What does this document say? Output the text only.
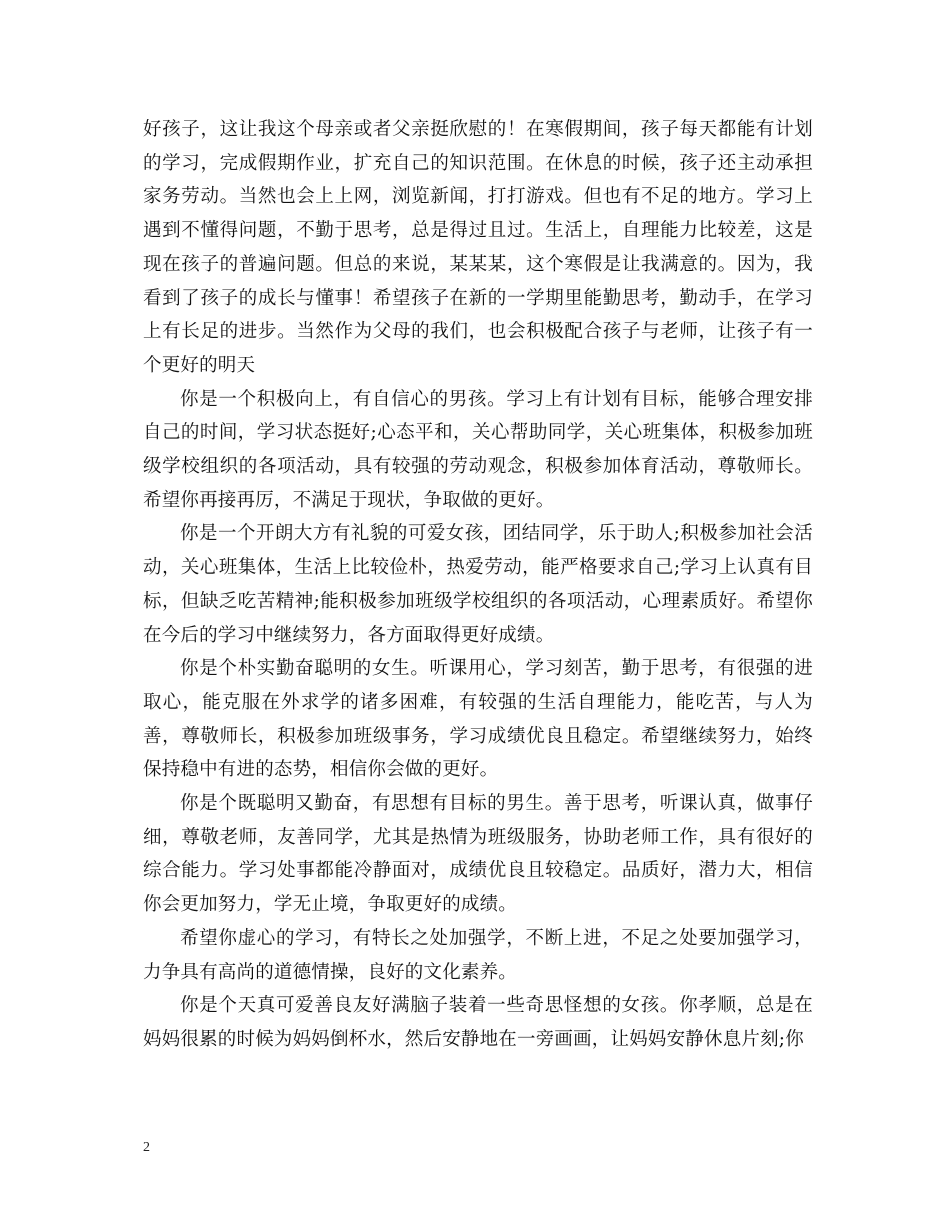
好孩子，这让我这个母亲或者父亲挺欣慰的！在寒假期间，孩子每天都能有计划的学习，完成假期作业，扩充自己的知识范围。在休息的时候，孩子还主动承担家务劳动。当然也会上上网，浏览新闻，打打游戏。但也有不足的地方。学习上遇到不懂得问题，不勤于思考，总是得过且过。生活上，自理能力比较差，这是现在孩子的普遍问题。但总的来说，某某某，这个寒假是让我满意的。因为，我看到了孩子的成长与懂事！希望孩子在新的一学期里能勤思考，勤动手，在学习上有长足的进步。当然作为父母的我们，也会积极配合孩子与老师，让孩子有一个更好的明天

你是一个积极向上，有自信心的男孩。学习上有计划有目标，能够合理安排自己的时间，学习状态挺好;心态平和，关心帮助同学，关心班集体，积极参加班级学校组织的各项活动，具有较强的劳动观念，积极参加体育活动，尊敬师长。希望你再接再厉，不满足于现状，争取做的更好。

你是一个开朗大方有礼貌的可爱女孩，团结同学，乐于助人;积极参加社会活动，关心班集体，生活上比较俭朴，热爱劳动，能严格要求自己;学习上认真有目标，但缺乏吃苦精神;能积极参加班级学校组织的各项活动，心理素质好。希望你在今后的学习中继续努力，各方面取得更好成绩。

你是个朴实勤奋聪明的女生。听课用心，学习刻苦，勤于思考，有很强的进取心，能克服在外求学的诸多困难，有较强的生活自理能力，能吃苦，与人为善，尊敬师长，积极参加班级事务，学习成绩优良且稳定。希望继续努力，始终保持稳中有进的态势，相信你会做的更好。

你是个既聪明又勤奋，有思想有目标的男生。善于思考，听课认真，做事仔细，尊敬老师，友善同学，尤其是热情为班级服务，协助老师工作，具有很好的综合能力。学习处事都能冷静面对，成绩优良且较稳定。品质好，潜力大，相信你会更加努力，学无止境，争取更好的成绩。

希望你虚心的学习，有特长之处加强学，不断上进，不足之处要加强学习，力争具有高尚的道德情操，良好的文化素养。

你是个天真可爱善良友好满脑子装着一些奇思怪想的女孩。你孝顺，总是在妈妈很累的时候为妈妈倒杯水，然后安静地在一旁画画，让妈妈安静休息片刻;你

2
